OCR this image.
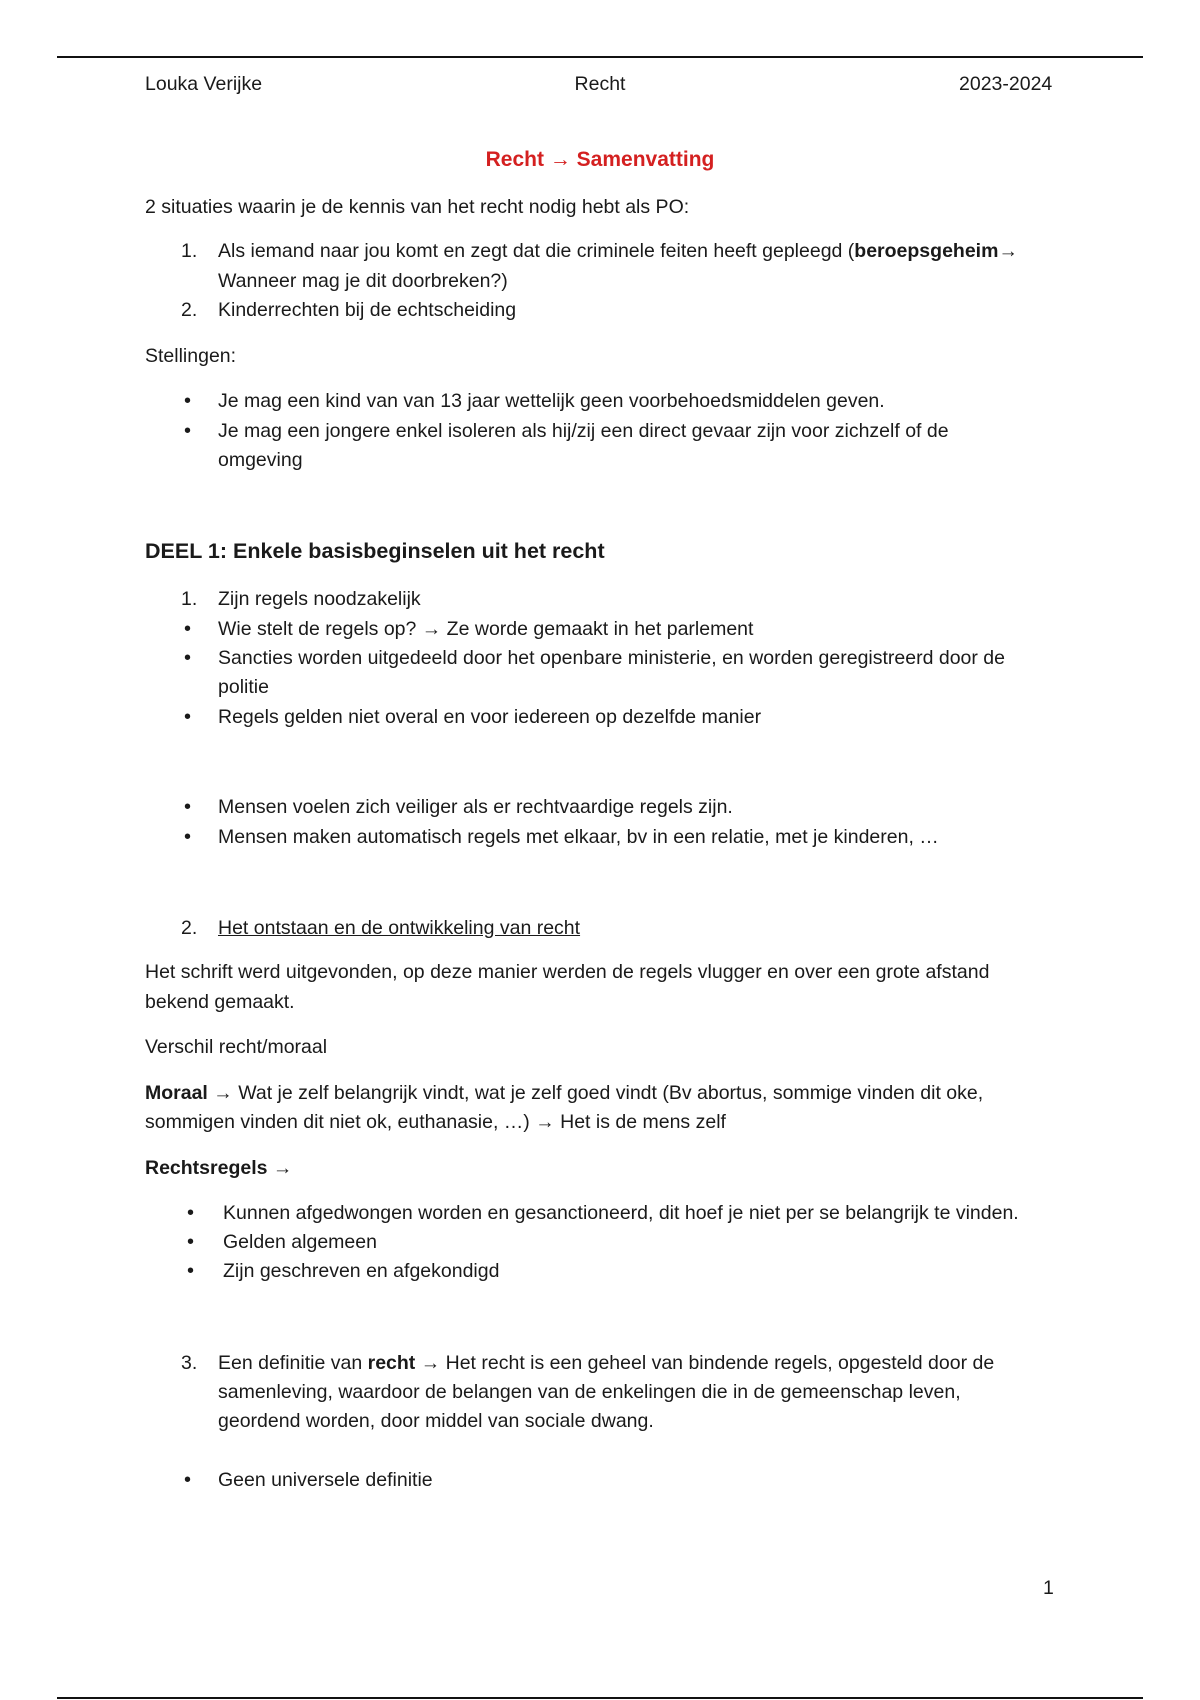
Louka Verijke	Recht	2023-2024
Recht → Samenvatting
2 situaties waarin je de kennis van het recht nodig hebt als PO:
1. Als iemand naar jou komt en zegt dat die criminele feiten heeft gepleegd (beroepsgeheim→
Wanneer mag je dit doorbreken?)
2. Kinderrechten bij de echtscheiding
Stellingen:
• Je mag een kind van van 13 jaar wettelijk geen voorbehoedsmiddelen geven.
• Je mag een jongere enkel isoleren als hij/zij een direct gevaar zijn voor zichzelf of de
omgeving
DEEL 1: Enkele basisbeginselen uit het recht
1. Zijn regels noodzakelijk
• Wie stelt de regels op? → Ze worde gemaakt in het parlement
• Sancties worden uitgedeeld door het openbare ministerie, en worden geregistreerd door de
politie
• Regels gelden niet overal en voor iedereen op dezelfde manier
• Mensen voelen zich veiliger als er rechtvaardige regels zijn.
• Mensen maken automatisch regels met elkaar, bv in een relatie, met je kinderen, …
2. Het ontstaan en de ontwikkeling van recht
Het schrift werd uitgevonden, op deze manier werden de regels vlugger en over een grote afstand
bekend gemaakt.
Verschil recht/moraal
Moraal → Wat je zelf belangrijk vindt, wat je zelf goed vindt (Bv abortus, sommige vinden dit oke,
sommigen vinden dit niet ok, euthanasie, …) → Het is de mens zelf
Rechtsregels →
• Kunnen afgedwongen worden en gesanctioneerd, dit hoef je niet per se belangrijk te vinden.
• Gelden algemeen
• Zijn geschreven en afgekondigd
3. Een definitie van recht → Het recht is een geheel van bindende regels, opgesteld door de
samenleving, waardoor de belangen van de enkelingen die in de gemeenschap leven,
geordend worden, door middel van sociale dwang.
• Geen universele definitie
1
